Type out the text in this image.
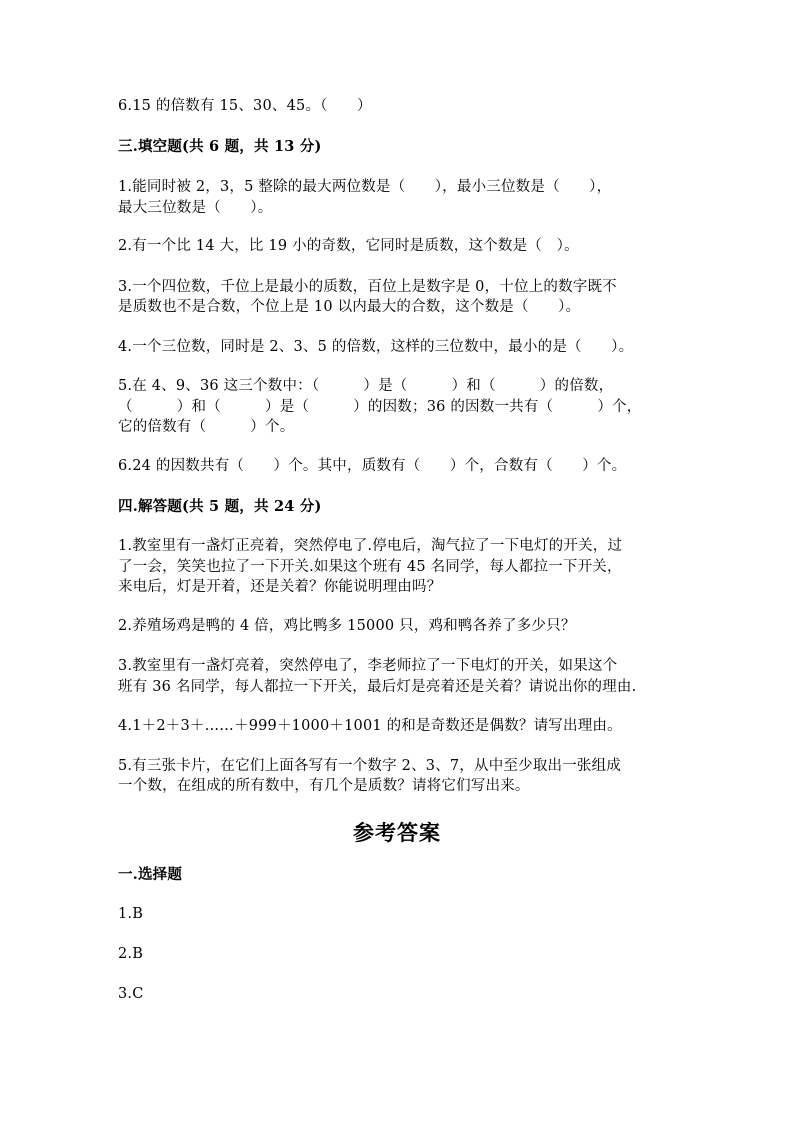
6.15 的倍数有 15、30、45。（　　）
三.填空题(共 6 题，共 13 分)
1.能同时被 2，3，5 整除的最大两位数是（　　），最小三位数是（　　），
最大三位数是（　　）。
2.有一个比 14 大，比 19 小的奇数，它同时是质数，这个数是（　）。
3.一个四位数，千位上是最小的质数，百位上是数字是 0，十位上的数字既不
是质数也不是合数，个位上是 10 以内最大的合数，这个数是（　　）。
4.一个三位数，同时是 2、3、5 的倍数，这样的三位数中，最小的是（　　）。
5.在 4、9、36 这三个数中：（　　　）是（　　　）和（　　　）的倍数，
（　　　）和（　　　）是（　　　）的因数；36 的因数一共有（　　　）个，
它的倍数有（　　　）个。
6.24 的因数共有（　　）个。其中，质数有（　　）个，合数有（　　）个。
四.解答题(共 5 题，共 24 分)
1.教室里有一盏灯正亮着，突然停电了.停电后，淘气拉了一下电灯的开关，过
了一会，笑笑也拉了一下开关.如果这个班有 45 名同学，每人都拉一下开关，
来电后，灯是开着，还是关着？你能说明理由吗？
2.养殖场鸡是鸭的 4 倍，鸡比鸭多 15000 只，鸡和鸭各养了多少只？
3.教室里有一盏灯亮着，突然停电了，李老师拉了一下电灯的开关，如果这个
班有 36 名同学，每人都拉一下开关，最后灯是亮着还是关着？请说出你的理由.
4.1＋2＋3＋……＋999＋1000＋1001 的和是奇数还是偶数？请写出理由。
5.有三张卡片，在它们上面各写有一个数字 2、3、7，从中至少取出一张组成
一个数，在组成的所有数中，有几个是质数？请将它们写出来。
参考答案
一.选择题
1.B
2.B
3.C
